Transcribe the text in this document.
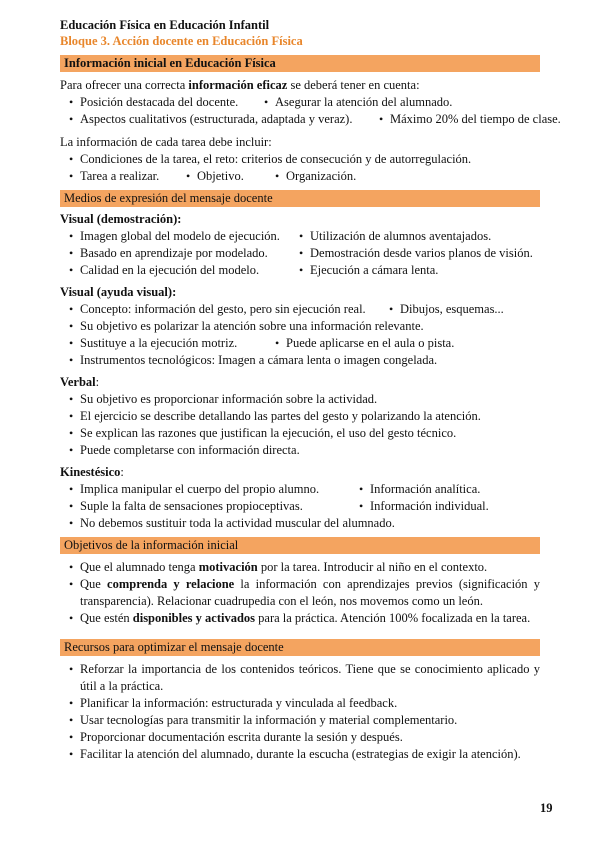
Educación Física en Educación Infantil
Bloque 3. Acción docente en Educación Física
Información inicial en Educación Física
Para ofrecer una correcta información eficaz se deberá tener en cuenta:
• Posición destacada del docente.	• Asegurar la atención del alumnado.
• Aspectos cualitativos (estructurada, adaptada y veraz).	• Máximo 20% del tiempo de clase.
La información de cada tarea debe incluir:
• Condiciones de la tarea, el reto: criterios de consecución y de autorregulación.
• Tarea a realizar.	• Objetivo.	• Organización.
Medios de expresión del mensaje docente
Visual (demostración):
• Imagen global del modelo de ejecución.	• Utilización de alumnos aventajados.
• Basado en aprendizaje por modelado.	• Demostración desde varios planos de visión.
• Calidad en la ejecución del modelo.	• Ejecución a cámara lenta.
Visual (ayuda visual):
• Concepto: información del gesto, pero sin ejecución real.	• Dibujos, esquemas...
• Su objetivo es polarizar la atención sobre una información relevante.
• Sustituye a la ejecución motriz.	• Puede aplicarse en el aula o pista.
• Instrumentos tecnológicos: Imagen a cámara lenta o imagen congelada.
Verbal:
• Su objetivo es proporcionar información sobre la actividad.
• El ejercicio se describe detallando las partes del gesto y polarizando la atención.
• Se explican las razones que justifican la ejecución, el uso del gesto técnico.
• Puede completarse con información directa.
Kinestésico:
• Implica manipular el cuerpo del propio alumno.	• Información analítica.
• Suple la falta de sensaciones propioceptivas.	• Información individual.
• No debemos sustituir toda la actividad muscular del alumnado.
Objetivos de la información inicial
• Que el alumnado tenga motivación por la tarea. Introducir al niño en el contexto.
• Que comprenda y relacione la información con aprendizajes previos (significación y transparencia). Relacionar cuadrupedia con el león, nos movemos como un león.
• Que estén disponibles y activados para la práctica. Atención 100% focalizada en la tarea.
Recursos para optimizar el mensaje docente
• Reforzar la importancia de los contenidos teóricos. Tiene que se conocimiento aplicado y útil a la práctica.
• Planificar la información: estructurada y vinculada al feedback.
• Usar tecnologías para transmitir la información y material complementario.
• Proporcionar documentación escrita durante la sesión y después.
• Facilitar la atención del alumnado, durante la escucha (estrategias de exigir la atención).
19
